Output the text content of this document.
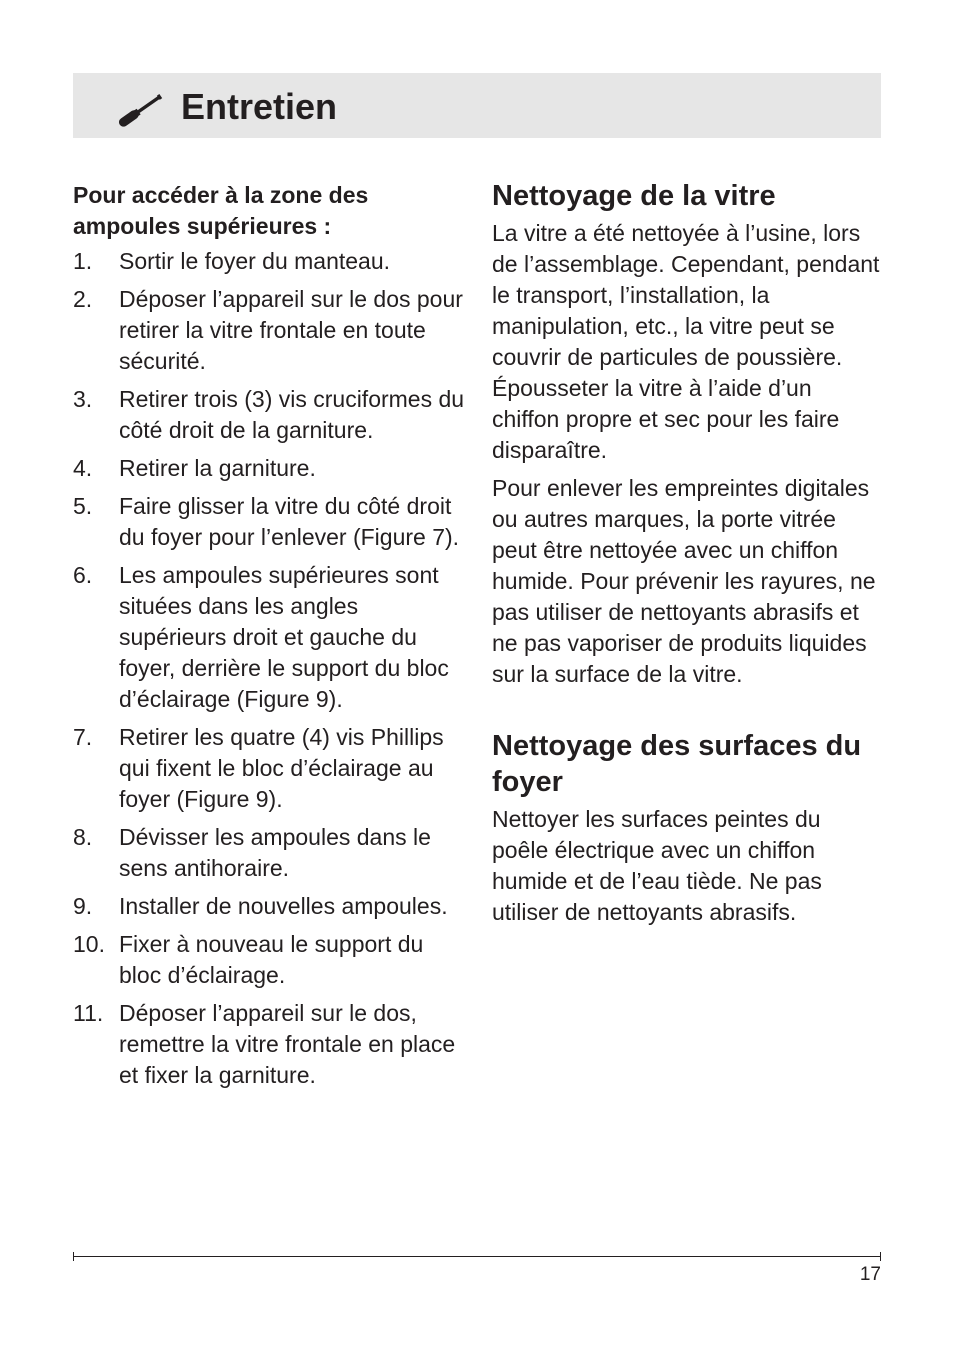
Entretien

Pour accéder à la zone des ampoules supérieures :

1. Sortir le foyer du manteau.
2. Déposer l’appareil sur le dos pour retirer la vitre frontale en toute sécurité.
3. Retirer trois (3) vis cruciformes du côté droit de la garniture.
4. Retirer la garniture.
5. Faire glisser la vitre du côté droit du foyer pour l’enlever (Figure 7).
6. Les ampoules supérieures sont situées dans les angles supérieurs droit et gauche du foyer, derrière le support du bloc d’éclairage (Figure 9).
7. Retirer les quatre (4) vis Phillips qui fixent le bloc d’éclairage au foyer (Figure 9).
8. Dévisser les ampoules dans le sens antihoraire.
9. Installer de nouvelles ampoules.
10. Fixer à nouveau le support du bloc d’éclairage.
11. Déposer l’appareil sur le dos, remettre la vitre frontale en place et fixer la garniture.
Nettoyage de la vitre

La vitre a été nettoyée à l’usine, lors de l’assemblage. Cependant, pendant le transport, l’installation, la manipulation, etc., la vitre peut se couvrir de particules de poussière. Épousseter la vitre à l’aide d’un chiffon propre et sec pour les faire disparaître.

Pour enlever les empreintes digitales ou autres marques, la porte vitrée peut être nettoyée avec un chiffon humide. Pour prévenir les rayures, ne pas utiliser de nettoyants abrasifs et ne pas vaporiser de produits liquides sur la surface de la vitre.

Nettoyage des surfaces du foyer

Nettoyer les surfaces peintes du poêle électrique avec un chiffon humide et de l’eau tiède. Ne pas utiliser de nettoyants abrasifs.

17
